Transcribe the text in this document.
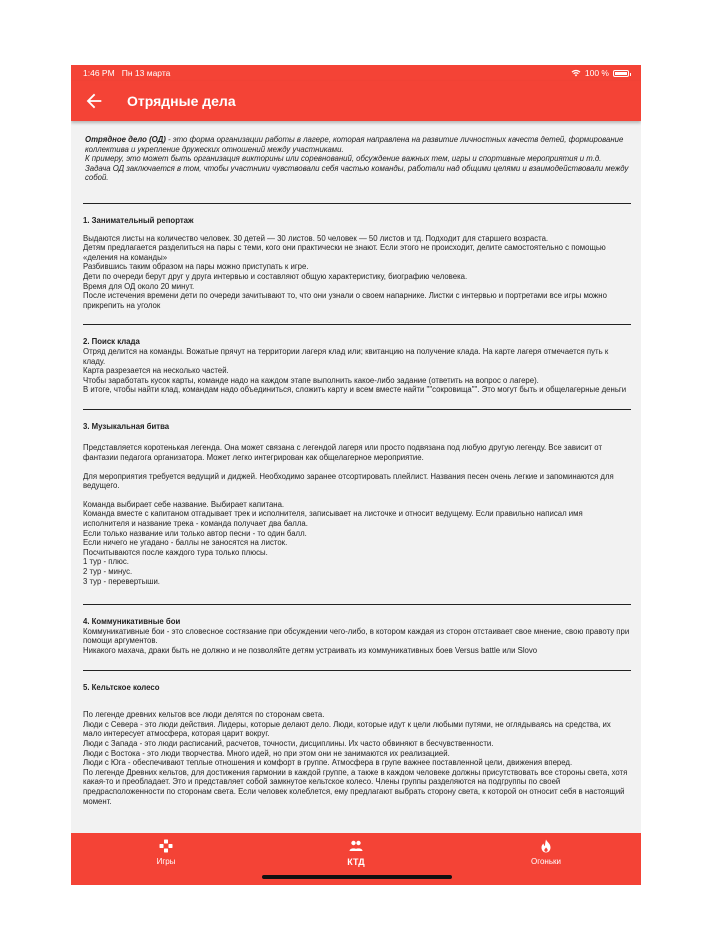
1:46 PM Пн 13 марта	100 %
Отрядные дела
Отрядное дело (ОД) - это форма организации работы в лагере, которая направлена на развитие личностных качеств детей, формирование коллектива и укрепление дружеских отношений между участниками.
К примеру, это может быть организация викторины или соревнований, обсуждение важных тем, игры и спортивные мероприятия и т.д.
Задача ОД заключается в том, чтобы участники чувствовали себя частью команды, работали над общими целями и взаимодействовали между собой.
1. Занимательный репортаж
Выдаются листы на количество человек. 30 детей — 30 листов. 50 человек — 50 листов и тд. Подходит для старшего возраста.
Детям предлагается разделиться на пары с теми, кого они практически не знают. Если этого не происходит, делите самостоятельно с помощью «деления на команды»
Разбившись таким образом на пары можно приступать к игре.
Дети по очереди берут друг у друга интервью и составляют общую характеристику, биографию человека.
Время для ОД около 20 минут.
После истечения времени дети по очереди зачитывают то, что они узнали о своем напарнике. Листки с интервью и портретами все игры можно прикрепить на уголок
2. Поиск клада
Отряд делится на команды. Вожатые прячут на территории лагеря клад или; квитанцию на получение клада. На карте лагеря отмечается путь к кладу.
Карта разрезается на несколько частей.
Чтобы заработать кусок карты, команде надо на каждом этапе выполнить какое-либо задание (ответить на вопрос о лагере).
В итоге, чтобы найти клад, командам надо объединиться, сложить карту и всем вместе найти ""сокровища"". Это могут быть и общелагерные деньги
3. Музыкальная битва
Представляется коротенькая легенда. Она может связана с легендой лагеря или просто подвязана под любую другую легенду. Все зависит от фантазии педагога организатора. Может легко интегрирован как общелагерное мероприятие.
Для мероприятия требуется ведущий и диджей. Необходимо заранее отсортировать плейлист. Названия песен очень легкие и запоминаются для ведущего.
Команда выбирает себе название. Выбирает капитана.
Команда вместе с капитаном отгадывает трек и исполнителя, записывает на листочке и относит ведущему. Если правильно написал имя исполнителя и название трека - команда получает два балла.
Если только название или только автор песни - то один балл.
Если ничего не угадано - баллы не заносятся на листок.
Посчитываются после каждого тура только плюсы.
1 тур - плюс.
2 тур - минус.
3 тур - перевертыши.
4. Коммуникативные бои
Коммуникативные бои - это словесное состязание при обсуждении чего-либо, в котором каждая из сторон отстаивает свое мнение, свою правоту при помощи аргументов.
Никакого махача, драки быть не должно и не позволяйте детям устраивать из коммуникативных боев Versus battle или Slovo
5. Кельтское колесо
По легенде древних кельтов все люди делятся по сторонам света.
Люди с Севера - это люди действия. Лидеры, которые делают дело. Люди, которые идут к цели любыми путями, не оглядываясь на средства, их мало интересует атмосфера, которая царит вокруг.
Люди с Запада - это люди расписаний, расчетов, точности, дисциплины. Их часто обвиняют в бесчувственности.
Люди с Востока - это люди творчества. Много идей, но при этом они не занимаются их реализацией.
Люди с Юга - обеспечивают теплые отношения и комфорт в группе. Атмосфера в групе важнее поставленной цели, движения вперед.
По легенде Древних кельтов, для достижения гармонии в каждой группе, а также в каждом человеке должны присутствовать все стороны света, хотя какая-то и преобладает. Это и представляет собой замкнутое кельтское колесо. Члены группы разделяются на подгруппы по своей предрасположенности по сторонам света. Если человек колеблется, ему предлагают выбрать сторону света, к которой он относит себя в настоящий момент.
Игры	КТД	Огоньки
